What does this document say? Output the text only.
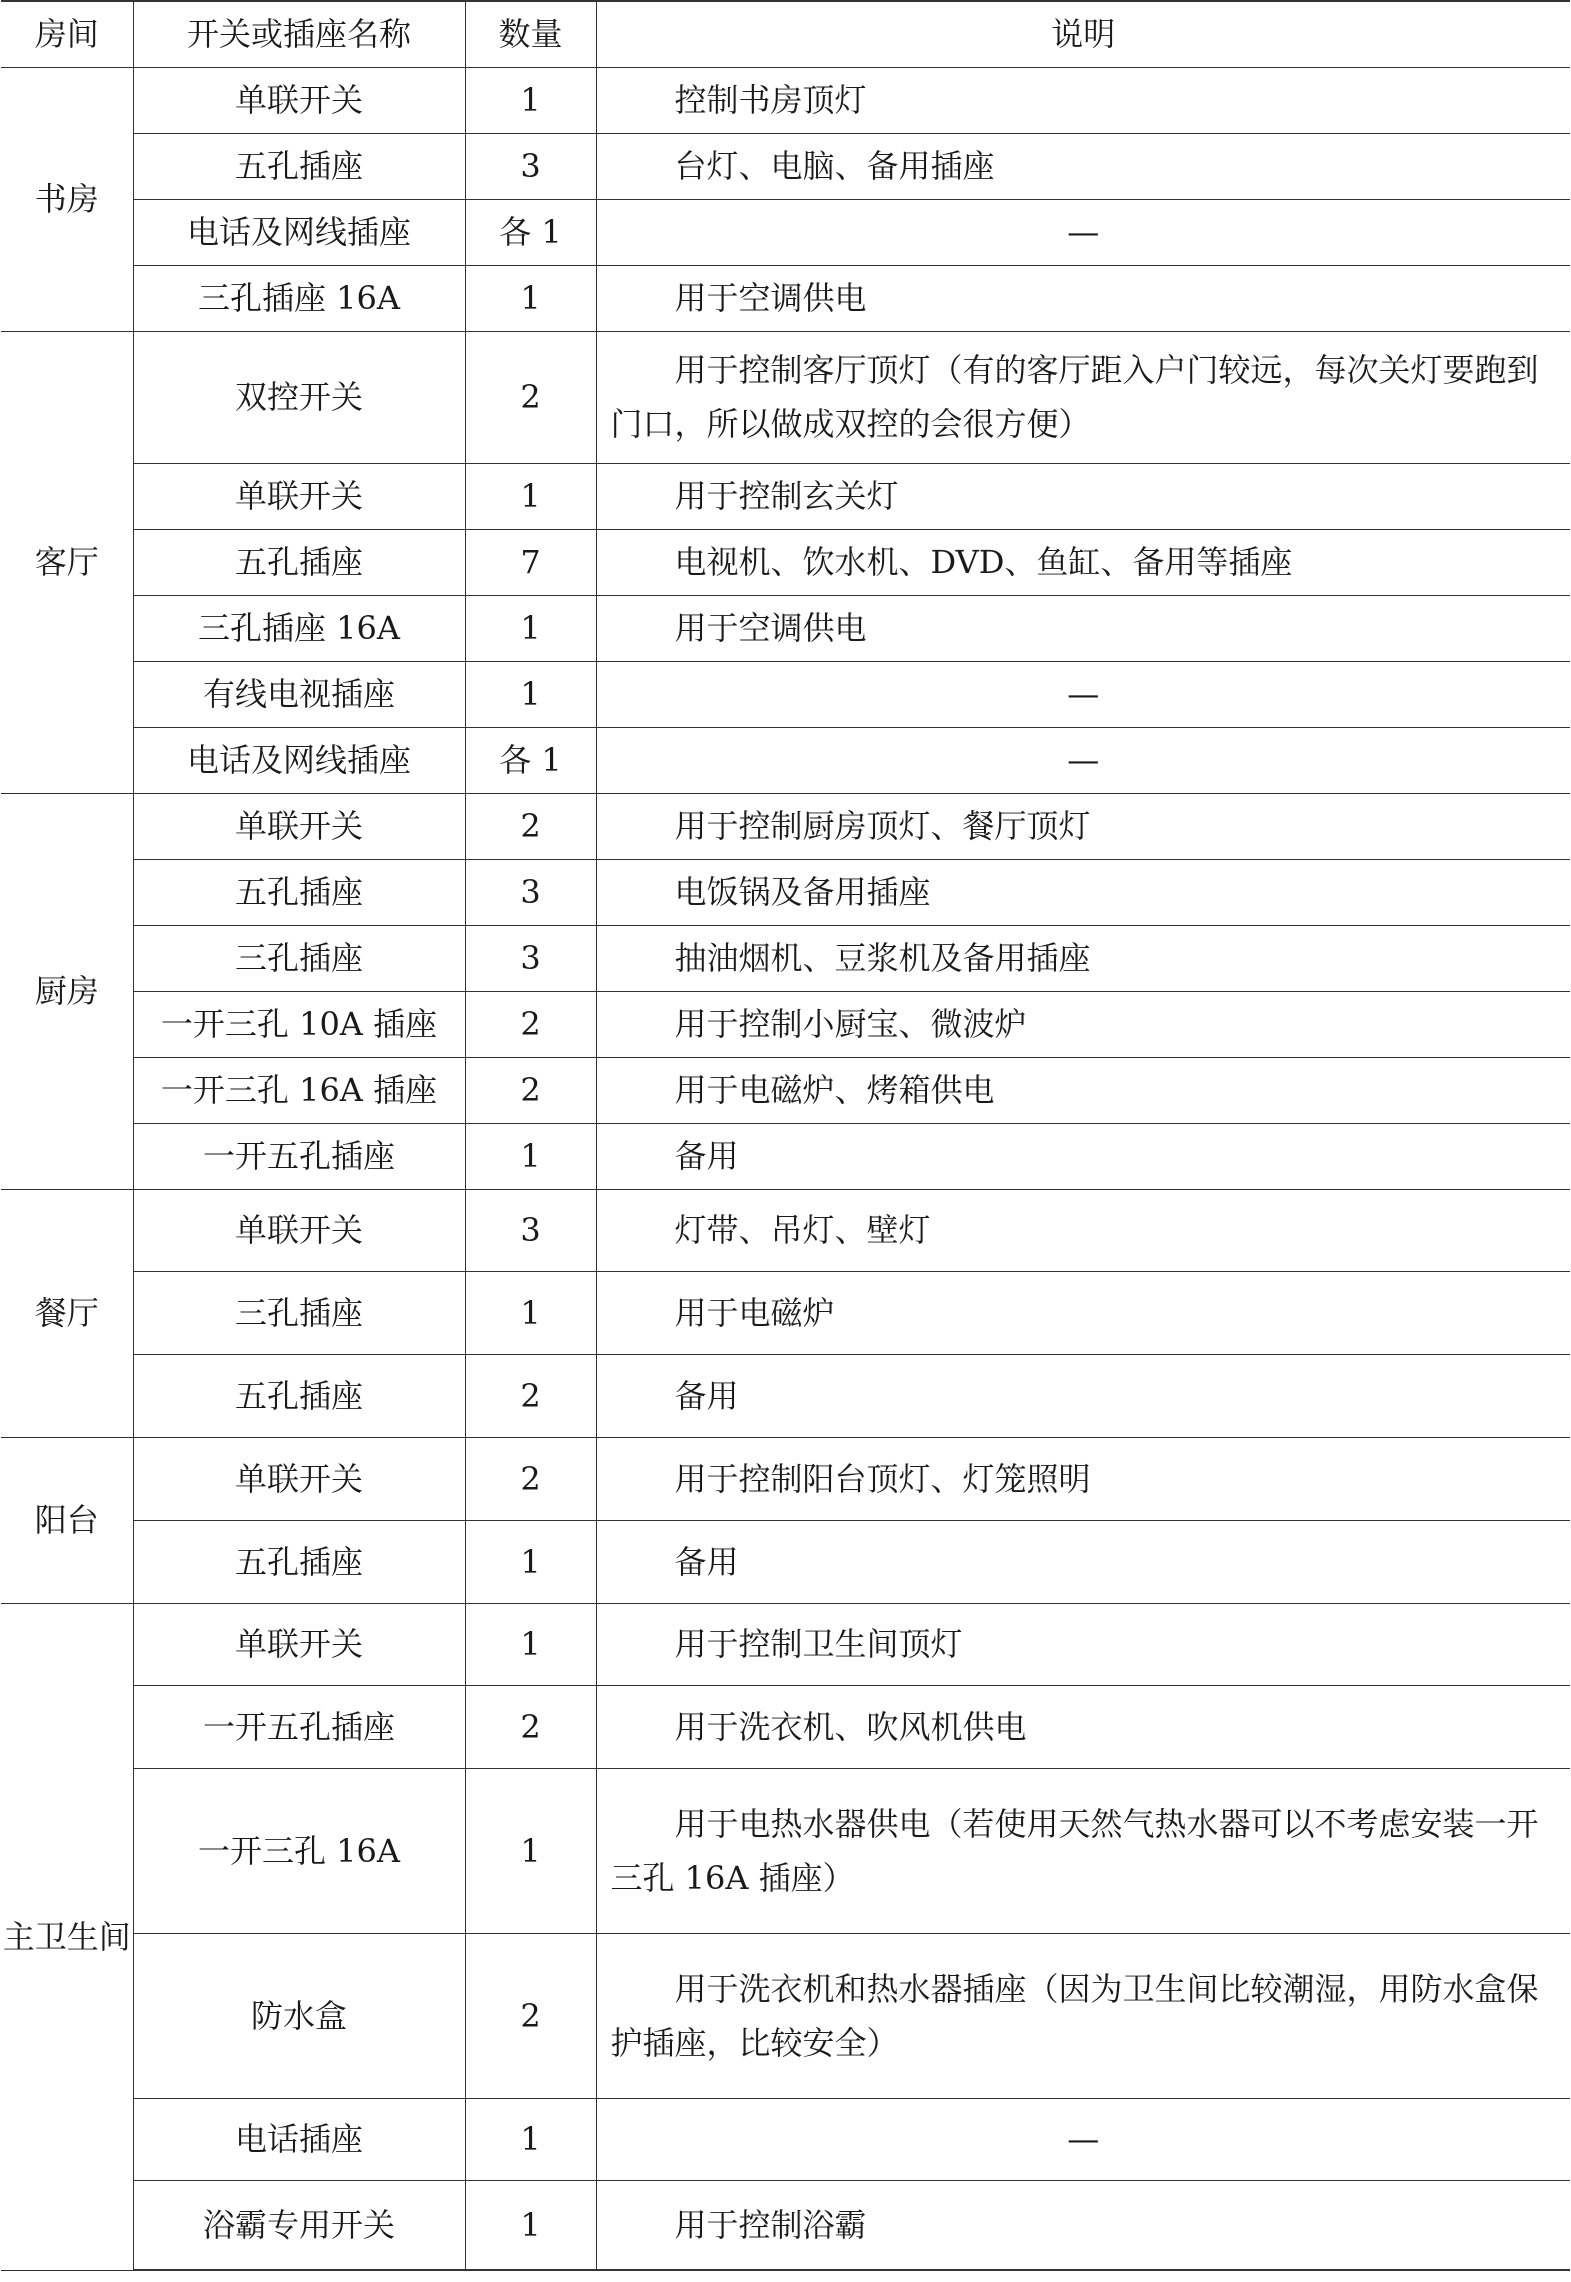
房间	开关或插座名称	数量	说明
书房	单联开关	1	控制书房顶灯

	五孔插座	3	台灯、电脑、备用插座

	电话及网线插座	各 1	—
	三孔插座 16A	1	用于空调供电

客厅	双控开关	2	用于控制客厅顶灯（有的客厅距入户门较远，每次关灯要跑到门口，所以做成双控的会很方便）

	单联开关	1	用于控制玄关灯

	五孔插座	7	电视机、饮水机、DVD、鱼缸、备用等插座

	三孔插座 16A	1	用于空调供电

	有线电视插座	1	—
	电话及网线插座	各 1	—
厨房	单联开关	2	用于控制厨房顶灯、餐厅顶灯

	五孔插座	3	电饭锅及备用插座

	三孔插座	3	抽油烟机、豆浆机及备用插座

	一开三孔 10A 插座	2	用于控制小厨宝、微波炉

	一开三孔 16A 插座	2	用于电磁炉、烤箱供电

	一开五孔插座	1	备用

餐厅	单联开关	3	灯带、吊灯、壁灯

	三孔插座	1	用于电磁炉

	五孔插座	2	备用

阳台	单联开关	2	用于控制阳台顶灯、灯笼照明

	五孔插座	1	备用

主卫生间	单联开关	1	用于控制卫生间顶灯

	一开五孔插座	2	用于洗衣机、吹风机供电

	一开三孔 16A	1	用于电热水器供电（若使用天然气热水器可以不考虑安装一开三孔 16A 插座）

	防水盒	2	用于洗衣机和热水器插座（因为卫生间比较潮湿，用防水盒保护插座，比较安全）

	电话插座	1	—
	浴霸专用开关	1	用于控制浴霸
